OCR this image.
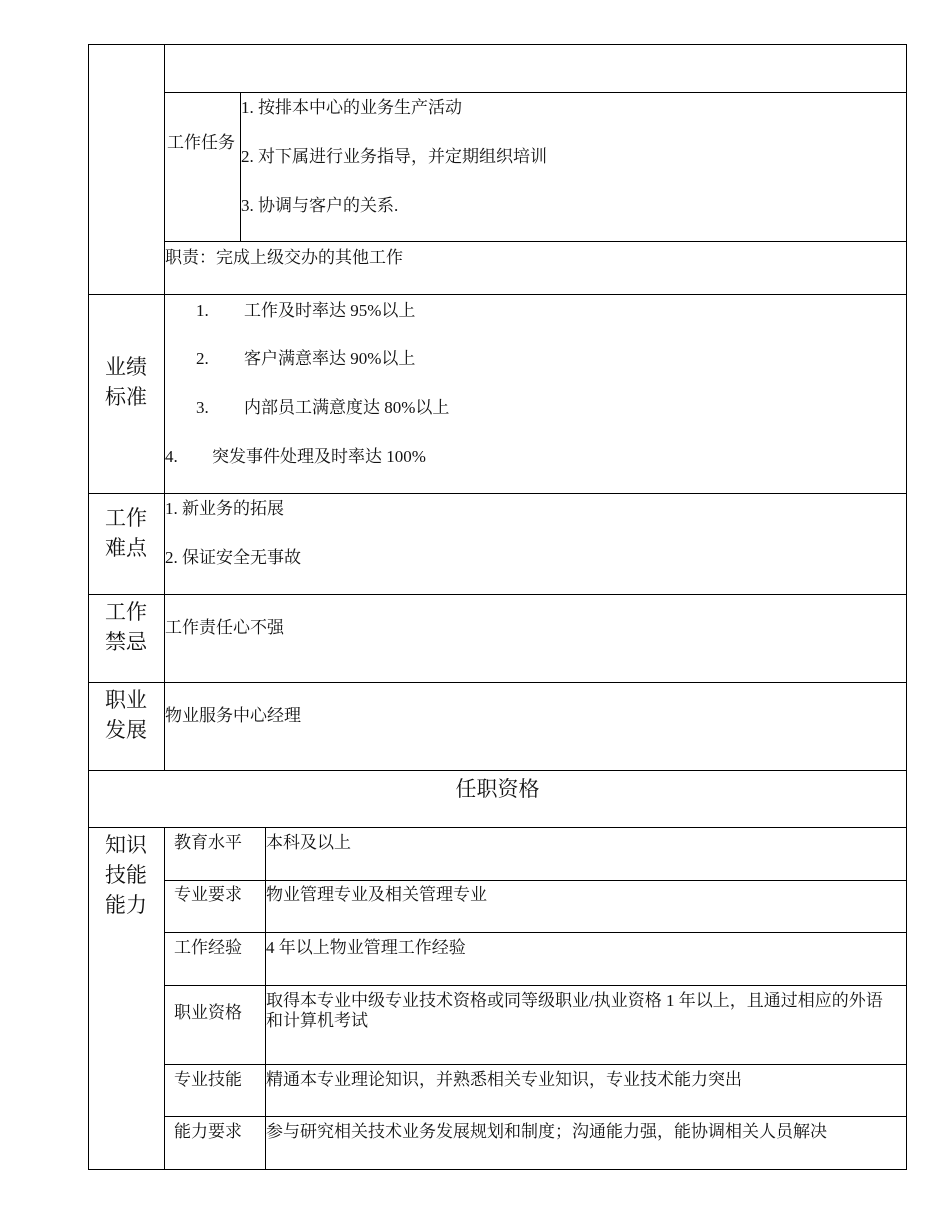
工作任务
1. 按排本中心的业务生产活动
2. 对下属进行业务指导，并定期组织培训
3. 协调与客户的关系.
职责：完成上级交办的其他工作
业绩标准
1. 工作及时率达 95%以上
2. 客户满意率达 90%以上
3. 内部员工满意度达 80%以上
4. 突发事件处理及时率达 100%
工作难点
1. 新业务的拓展
2. 保证安全无事故
工作禁忌
工作责任心不强
职业发展
物业服务中心经理
任职资格
知识技能能力
教育水平 本科及以上
专业要求 物业管理专业及相关管理专业
工作经验 4 年以上物业管理工作经验
职业资格
取得本专业中级专业技术资格或同等级职业/执业资格 1 年以上，且通过相应的外语和计算机考试
专业技能 精通本专业理论知识，并熟悉相关专业知识，专业技术能力突出
能力要求 参与研究相关技术业务发展规划和制度；沟通能力强，能协调相关人员解决
